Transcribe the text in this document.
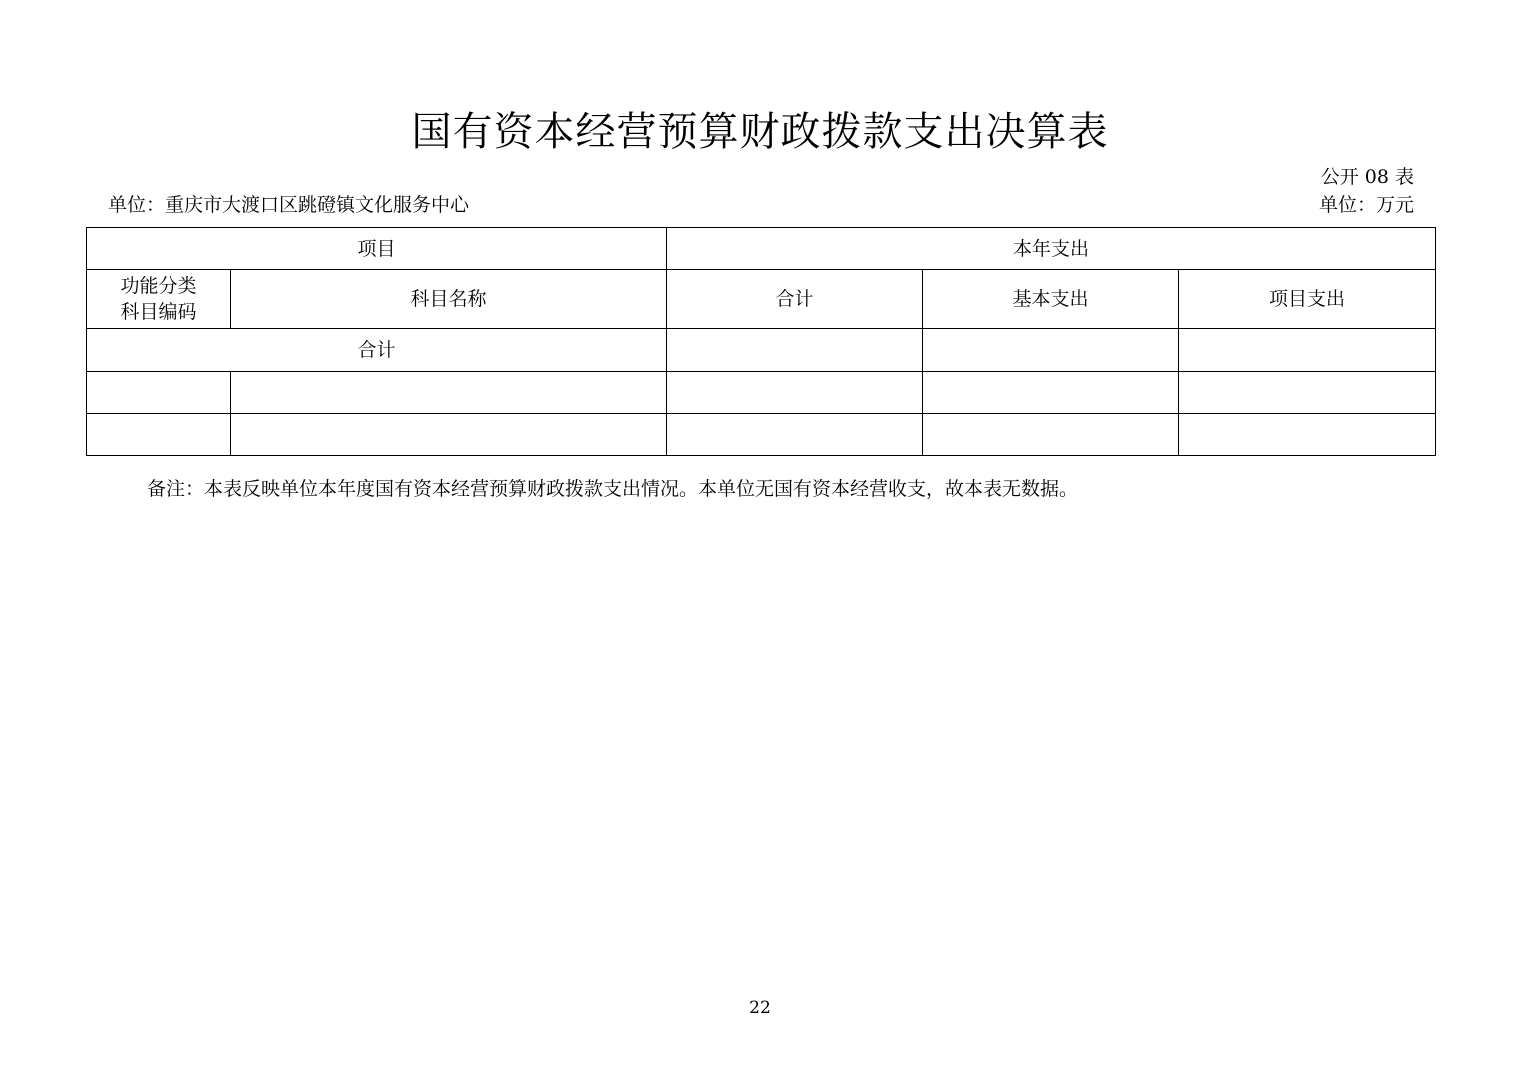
国有资本经营预算财政拨款支出决算表
公开 08 表
单位：重庆市大渡口区跳磴镇文化服务中心	单位：万元
项目		本年支出		

功能分类
科目编码	科目名称	合计	基本支出	项目支出
合计				

备注：本表反映单位本年度国有资本经营预算财政拨款支出情况。本单位无国有资本经营收支，故本表无数据。
22
